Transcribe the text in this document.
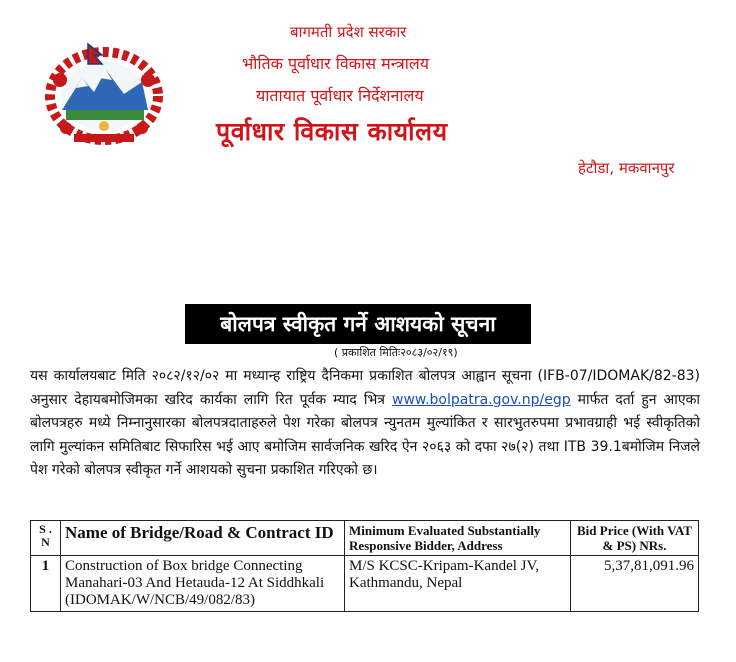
बागमती प्रदेश सरकार
भौतिक पूर्वाधार विकास मन्त्रालय
यातायात पूर्वाधार निर्देशनालय
पूर्वाधार विकास कार्यालय
हेटौडा, मकवानपुर
बोलपत्र स्वीकृत गर्ने आशयको सूचना
( प्रकाशित मितिः२०८३/०२/१९)
यस कार्यालयबाट मिति २०८२/१२/०२ मा मध्यान्ह राष्ट्रिय दैनिकमा प्रकाशित बोलपत्र आह्वान सूचना (IFB-07/IDOMAK/82-83) अनुसार देहायबमोजिमका खरिद कार्यका लागि रित पूर्वक म्याद भित्र www.bolpatra.gov.np/egp मार्फत दर्ता हुन आएका बोलपत्रहरु मध्ये निम्नानुसारका बोलपत्रदाताहरुले पेश गरेका बोलपत्र न्युनतम मुल्यांकित र सारभुतरुपमा प्रभावग्राही भई स्वीकृतिको लागि मुल्यांकन समितिबाट सिफारिस भई आए बमोजिम सार्वजनिक खरिद ऐन २०६३ को दफा २७(२) तथा ITB 39.1बमोजिम निजले पेश गरेको बोलपत्र स्वीकृत गर्ने आशयको सुचना प्रकाशित गरिएको छ।
S . N	Name of Bridge/Road & Contract ID	Minimum Evaluated Substantially Responsive Bidder, Address	Bid Price (With VAT & PS) NRs.
1	Construction of Box bridge Connecting Manahari-03 And Hetauda-12 At Siddhkali (IDOMAK/W/NCB/49/082/83)	M/S KCSC-Kripam-Kandel JV, Kathmandu, Nepal	5,37,81,091.96
